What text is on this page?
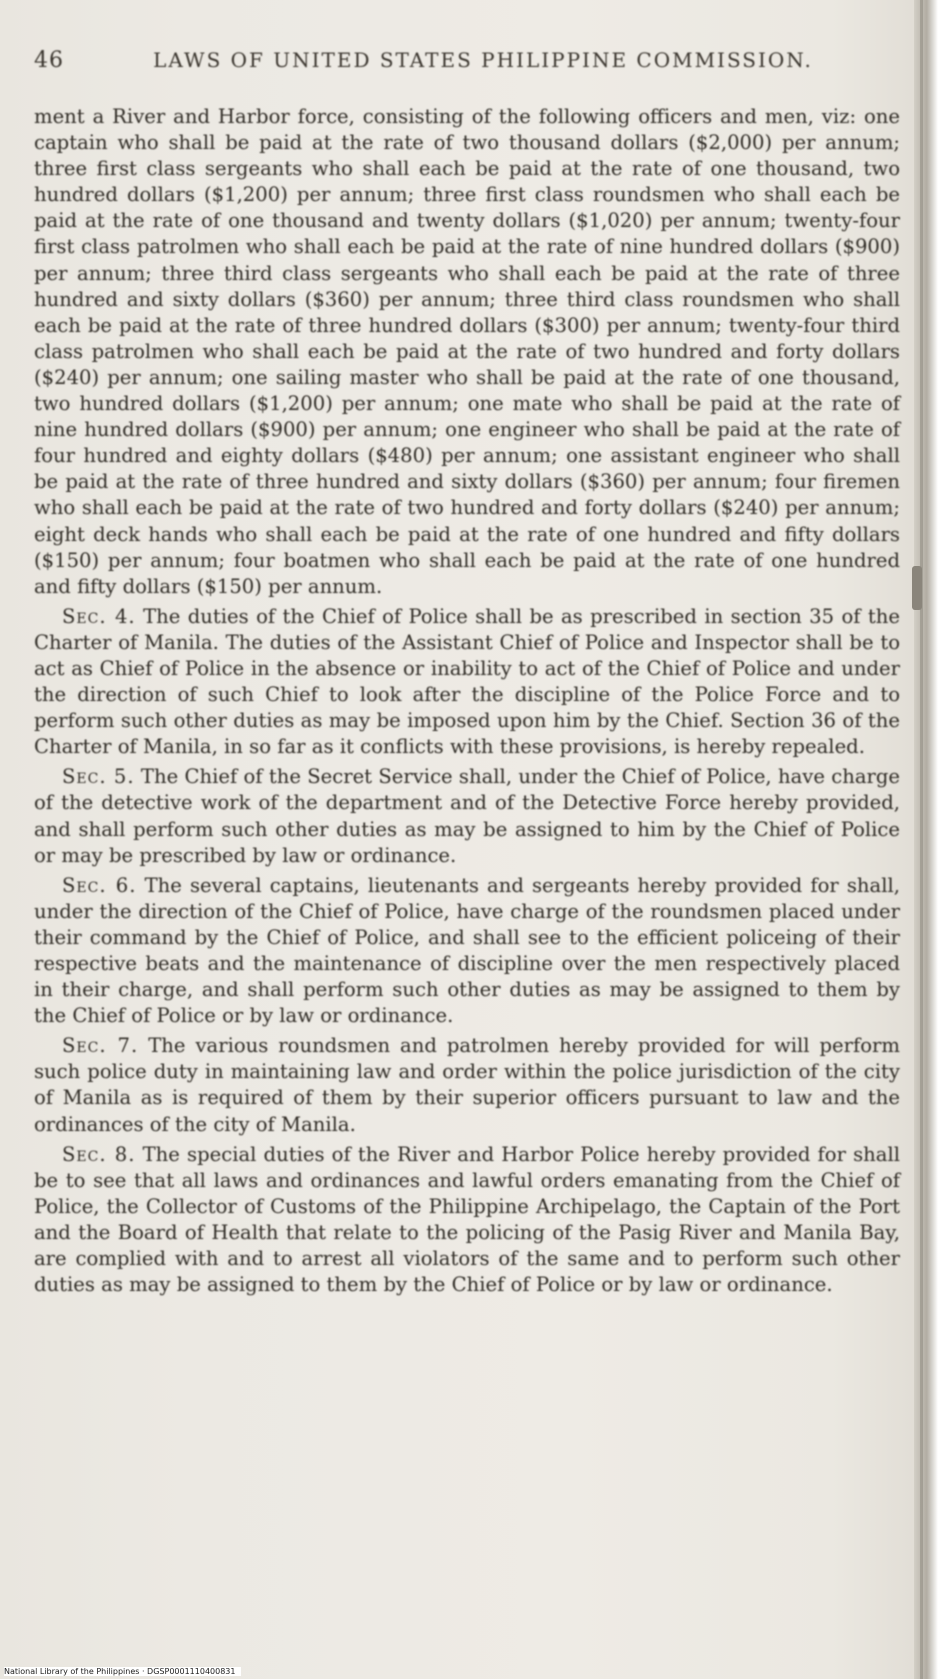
46	LAWS OF UNITED STATES PHILIPPINE COMMISSION.

ment a River and Harbor force, consisting of the following officers and men, viz: one captain who shall be paid at the rate of two thousand dollars ($2,000) per annum; three first class sergeants who shall each be paid at the rate of one thousand, two hundred dollars ($1,200) per annum; three first class roundsmen who shall each be paid at the rate of one thousand and twenty dollars ($1,020) per annum; twenty-four first class patrolmen who shall each be paid at the rate of nine hundred dollars ($900) per annum; three third class sergeants who shall each be paid at the rate of three hundred and sixty dollars ($360) per annum; three third class roundsmen who shall each be paid at the rate of three hundred dollars ($300) per annum; twenty-four third class patrolmen who shall each be paid at the rate of two hundred and forty dollars ($240) per annum; one sailing master who shall be paid at the rate of one thousand, two hundred dollars ($1,200) per annum; one mate who shall be paid at the rate of nine hundred dollars ($900) per annum; one engineer who shall be paid at the rate of four hundred and eighty dollars ($480) per annum; one assistant engineer who shall be paid at the rate of three hundred and sixty dollars ($360) per annum; four firemen who shall each be paid at the rate of two hundred and forty dollars ($240) per annum; eight deck hands who shall each be paid at the rate of one hundred and fifty dollars ($150) per annum; four boatmen who shall each be paid at the rate of one hundred and fifty dollars ($150) per annum.

Sec. 4. The duties of the Chief of Police shall be as prescribed in section 35 of the Charter of Manila. The duties of the Assistant Chief of Police and Inspector shall be to act as Chief of Police in the absence or inability to act of the Chief of Police and under the direction of such Chief to look after the discipline of the Police Force and to perform such other duties as may be imposed upon him by the Chief. Section 36 of the Charter of Manila, in so far as it conflicts with these provisions, is hereby repealed.

Sec. 5. The Chief of the Secret Service shall, under the Chief of Police, have charge of the detective work of the department and of the Detective Force hereby provided, and shall perform such other duties as may be assigned to him by the Chief of Police or may be prescribed by law or ordinance.

Sec. 6. The several captains, lieutenants and sergeants hereby provided for shall, under the direction of the Chief of Police, have charge of the roundsmen placed under their command by the Chief of Police, and shall see to the efficient policeing of their respective beats and the maintenance of discipline over the men respectively placed in their charge, and shall perform such other duties as may be assigned to them by the Chief of Police or by law or ordinance.

Sec. 7. The various roundsmen and patrolmen hereby provided for will perform such police duty in maintaining law and order within the police jurisdiction of the city of Manila as is required of them by their superior officers pursuant to law and the ordinances of the city of Manila.

Sec. 8. The special duties of the River and Harbor Police hereby provided for shall be to see that all laws and ordinances and lawful orders emanating from the Chief of Police, the Collector of Customs of the Philippine Archipelago, the Captain of the Port and the Board of Health that relate to the policing of the Pasig River and Manila Bay, are complied with and to arrest all violators of the same and to perform such other duties as may be assigned to them by the Chief of Police or by law or ordinance.

National Library of the Philippines · DGSP0001110400831
